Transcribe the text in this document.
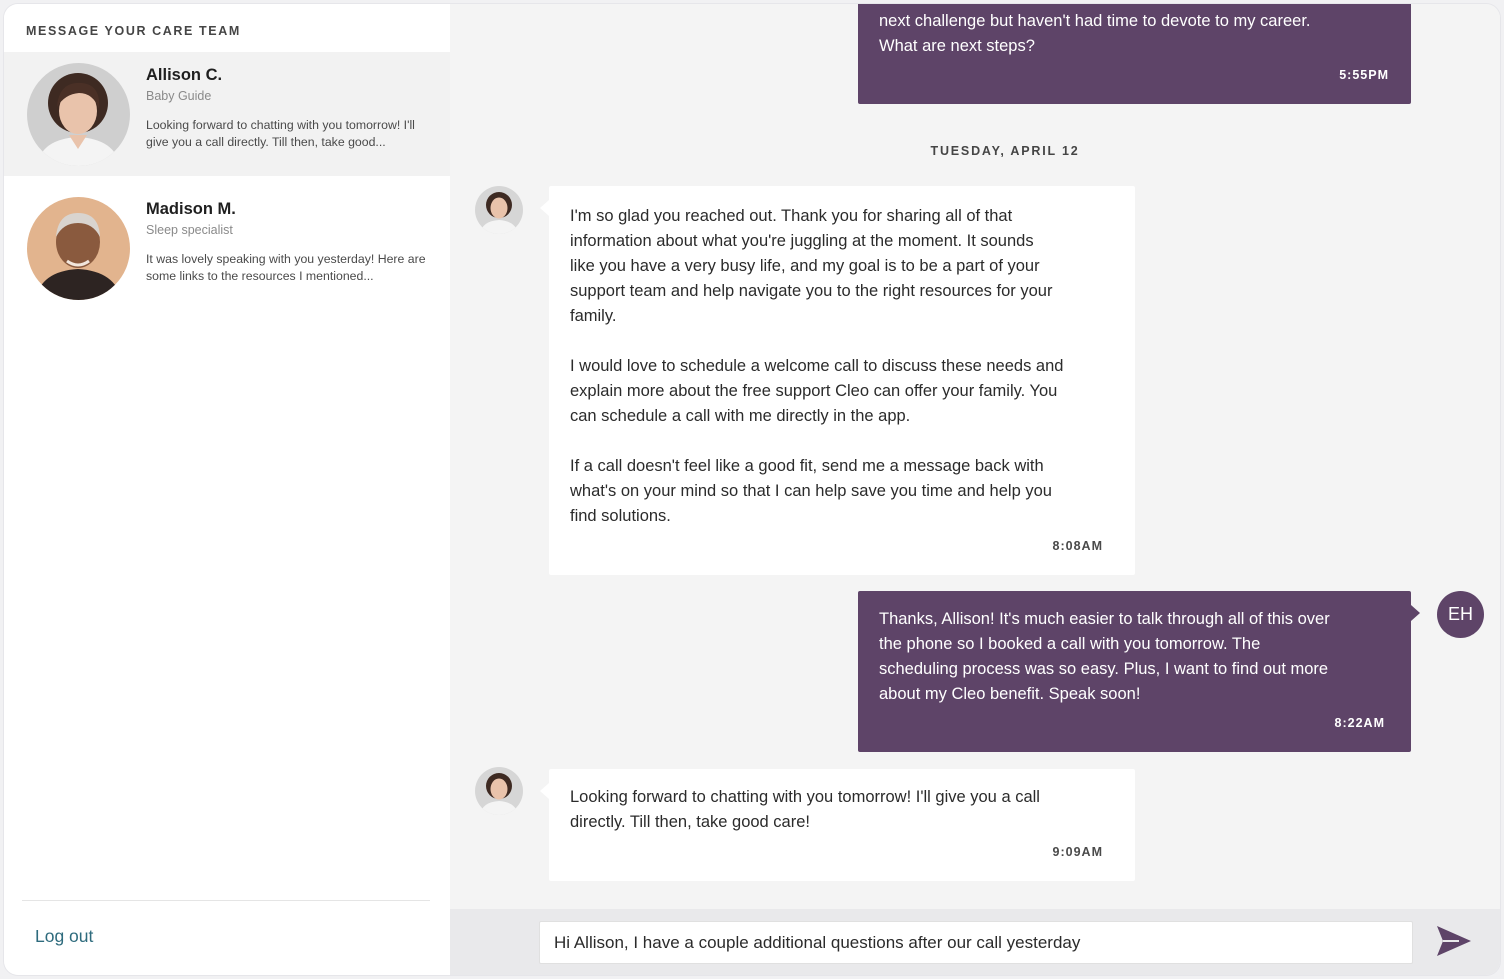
MESSAGE YOUR CARE TEAM
Allison C.
Baby Guide
Looking forward to chatting with you tomorrow! I'll give you a call directly. Till then, take good...
Madison M.
Sleep specialist
It was lovely speaking with you yesterday! Here are some links to the resources I mentioned...
Log out
next challenge but haven't had time to devote to my career.
What are next steps?
5:55PM
TUESDAY, APRIL 12
I'm so glad you reached out. Thank you for sharing all of that
information about what you're juggling at the moment. It sounds
like you have a very busy life, and my goal is to be a part of your
support team and help navigate you to the right resources for your
family.

I would love to schedule a welcome call to discuss these needs and
explain more about the free support Cleo can offer your family. You
can schedule a call with me directly in the app.

If a call doesn't feel like a good fit, send me a message back with
what's on your mind so that I can help save you time and help you
find solutions.
8:08AM
Thanks, Allison! It's much easier to talk through all of this over
the phone so I booked a call with you tomorrow. The
scheduling process was so easy. Plus, I want to find out more
about my Cleo benefit. Speak soon!
8:22AM
EH
Looking forward to chatting with you tomorrow! I'll give you a call
directly. Till then, take good care!
9:09AM
Hi Allison, I have a couple additional questions after our call yesterday
